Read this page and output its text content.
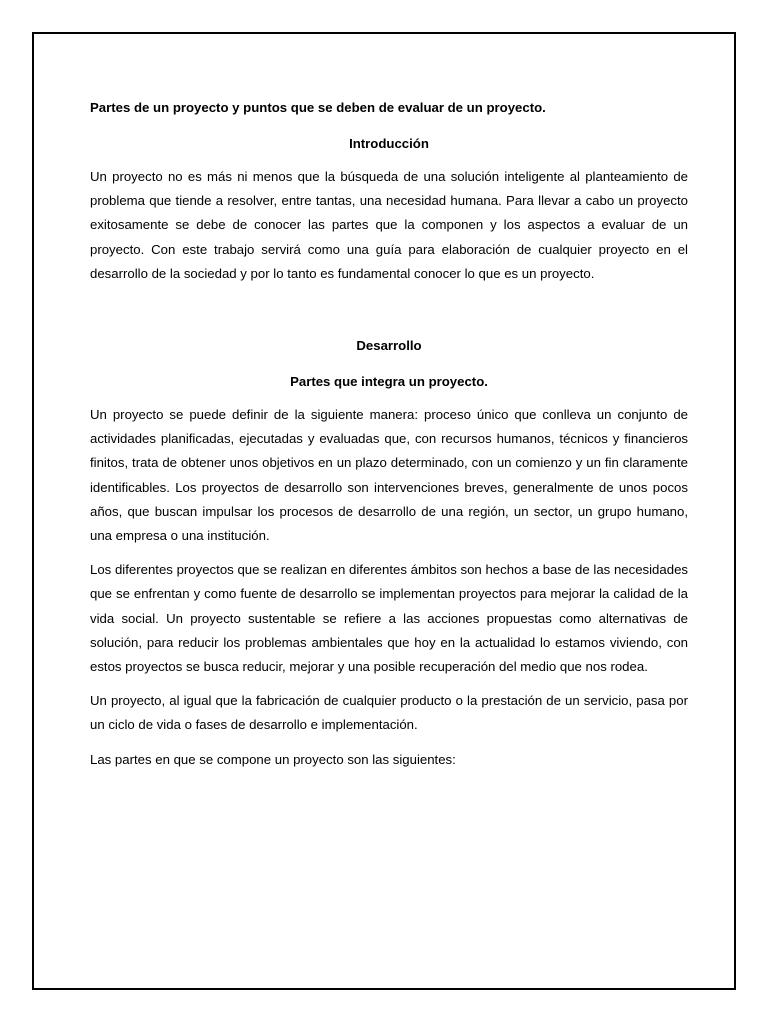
Partes de un proyecto y puntos que se deben de evaluar de un proyecto.

Introducción

Un proyecto no es más ni menos que la búsqueda de una solución inteligente al planteamiento de problema que tiende a resolver, entre tantas, una necesidad humana. Para llevar a cabo un proyecto exitosamente se debe de conocer las partes que la componen y los aspectos a evaluar de un proyecto. Con este trabajo servirá como una guía para elaboración de cualquier proyecto en el desarrollo de la sociedad y por lo tanto es fundamental conocer lo que es un proyecto.

Desarrollo

Partes que integra un proyecto.

Un proyecto se puede definir de la siguiente manera: proceso único que conlleva un conjunto de actividades planificadas, ejecutadas y evaluadas que, con recursos humanos, técnicos y financieros finitos, trata de obtener unos objetivos en un plazo determinado, con un comienzo y un fin claramente identificables. Los proyectos de desarrollo son intervenciones breves, generalmente de unos pocos años, que buscan impulsar los procesos de desarrollo de una región, un sector, un grupo humano, una empresa o una institución.

Los diferentes proyectos que se realizan en diferentes ámbitos son hechos a base de las necesidades que se enfrentan y como fuente de desarrollo se implementan proyectos para mejorar la calidad de la vida social. Un proyecto sustentable se refiere a las acciones propuestas como alternativas de solución, para reducir los problemas ambientales que hoy en la actualidad lo estamos viviendo, con estos proyectos se busca reducir, mejorar y una posible recuperación del medio que nos rodea.

Un proyecto, al igual que la fabricación de cualquier producto o la prestación de un servicio, pasa por un ciclo de vida o fases de desarrollo e implementación.

Las partes en que se compone un proyecto son las siguientes:
